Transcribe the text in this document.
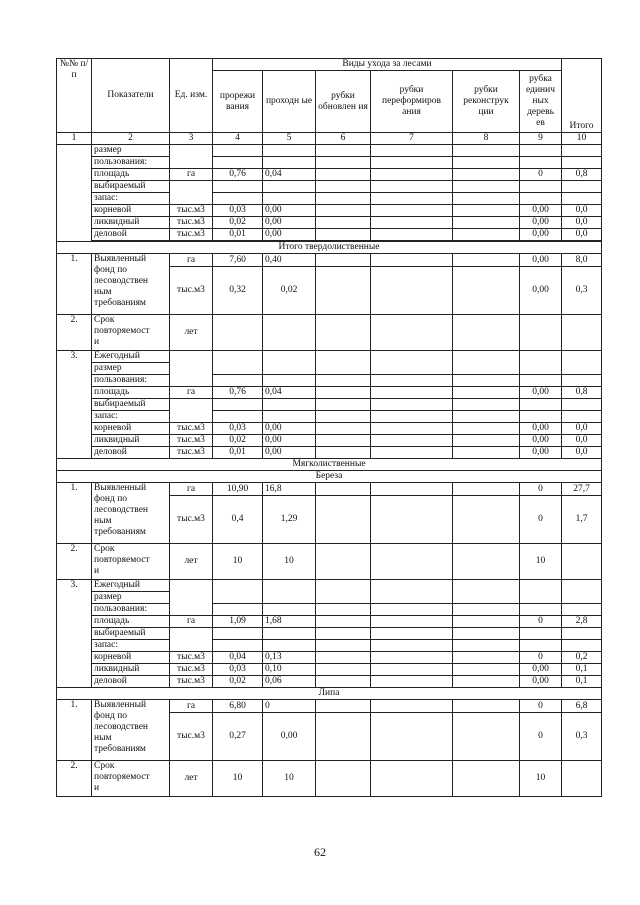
№№ п/п	Показатели	Ед. изм.	Виды ухода за лесами						Итого
			прорежи вания	проходн ые	рубки обновлен ия	рубки переформиров ания	рубки реконструк ции	рубка единич ных деревь ев	
1	2	3	4	5	6	7	8	9	10
	размер								
	пользования:								
	площадь	га	0,76	0,04				0	0,8
	выбираемый								
	запас:								
	корневой	тыс.м3	0,03	0,00				0,00	0,0
	ликвидный	тыс.м3	0,02	0,00				0,00	0,0
	деловой	тыс.м3	0,01	0,00				0,00	0,0

Итого твердолиственные									
1.	Выявленный
фонд по
лесоводствен
ным
требованиям	га	7,60	0,40				0,00	8,0
		тыс.м3	0,32	0,02				0,00	0,3
2.	Срок
повторяемост
и	лет							
3.	Ежегодный								
	размер								
	пользования:								
	площадь	га	0,76	0,04				0,00	0,8
	выбираемый								
	запас:								
	корневой	тыс.м3	0,03	0,00				0,00	0,0
	ликвидный	тыс.м3	0,02	0,00				0,00	0,0
	деловой	тыс.м3	0,01	0,00				0,00	0,0
Мягколиственные									
Береза									
1.	Выявленный
фонд по
лесоводствен
ным
требованиям	га	10,90	16,8				0	27,7
		тыс.м3	0,4	1,29				0	1,7
2.	Срок
повторяемост
и	лет	10	10				10	
3.	Ежегодный								
	размер								
	пользования:								
	площадь	га	1,09	1,68				0	2,8
	выбираемый								
	запас:								
	корневой	тыс.м3	0,04	0,13				0	0,2
	ликвидный	тыс.м3	0,03	0,10				0,00	0,1
	деловой	тыс.м3	0,02	0,06				0,00	0,1
Липа									
1.	Выявленный
фонд по
лесоводствен
ным
требованиям	га	6,80	0				0	6,8
		тыс.м3	0,27	0,00				0	0,3
2.	Срок
повторяемост
и	лет	10	10				10	
62
